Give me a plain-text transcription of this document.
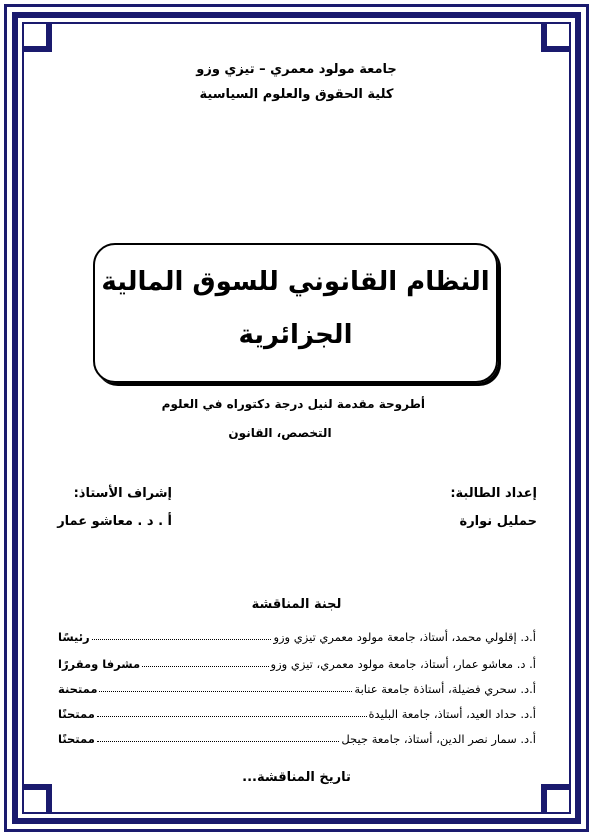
جامعة مولود معمري – تيزي وزو
كلية الحقوق والعلوم السياسية
النظام القانوني للسوق المالية
الجزائرية
أطروحة مقدمة لنيل درجة دكتوراه في العلوم
التخصص، القانون
إعداد الطالبة:
حمليل نوارة
إشراف الأستاذ:
أ . د . معاشو عمار
لجنة المناقشة
أ.د. إقلولي محمد، أستاذ، جامعة مولود معمري تيزي وزو
رئيسًا
أ. د. معاشو عمار، أستاذ، جامعة مولود معمري، تيزي وزو
مشرفا ومقررًا
أ.د. سحري فضيلة، أستاذة جامعة عنابة
ممتحنة
أ.د. حداد العيد، أستاذ، جامعة البليدة
ممتحنًا
أ.د. سمار نصر الدين، أستاذ، جامعة جيجل
ممتحنًا
تاريخ المناقشة...
